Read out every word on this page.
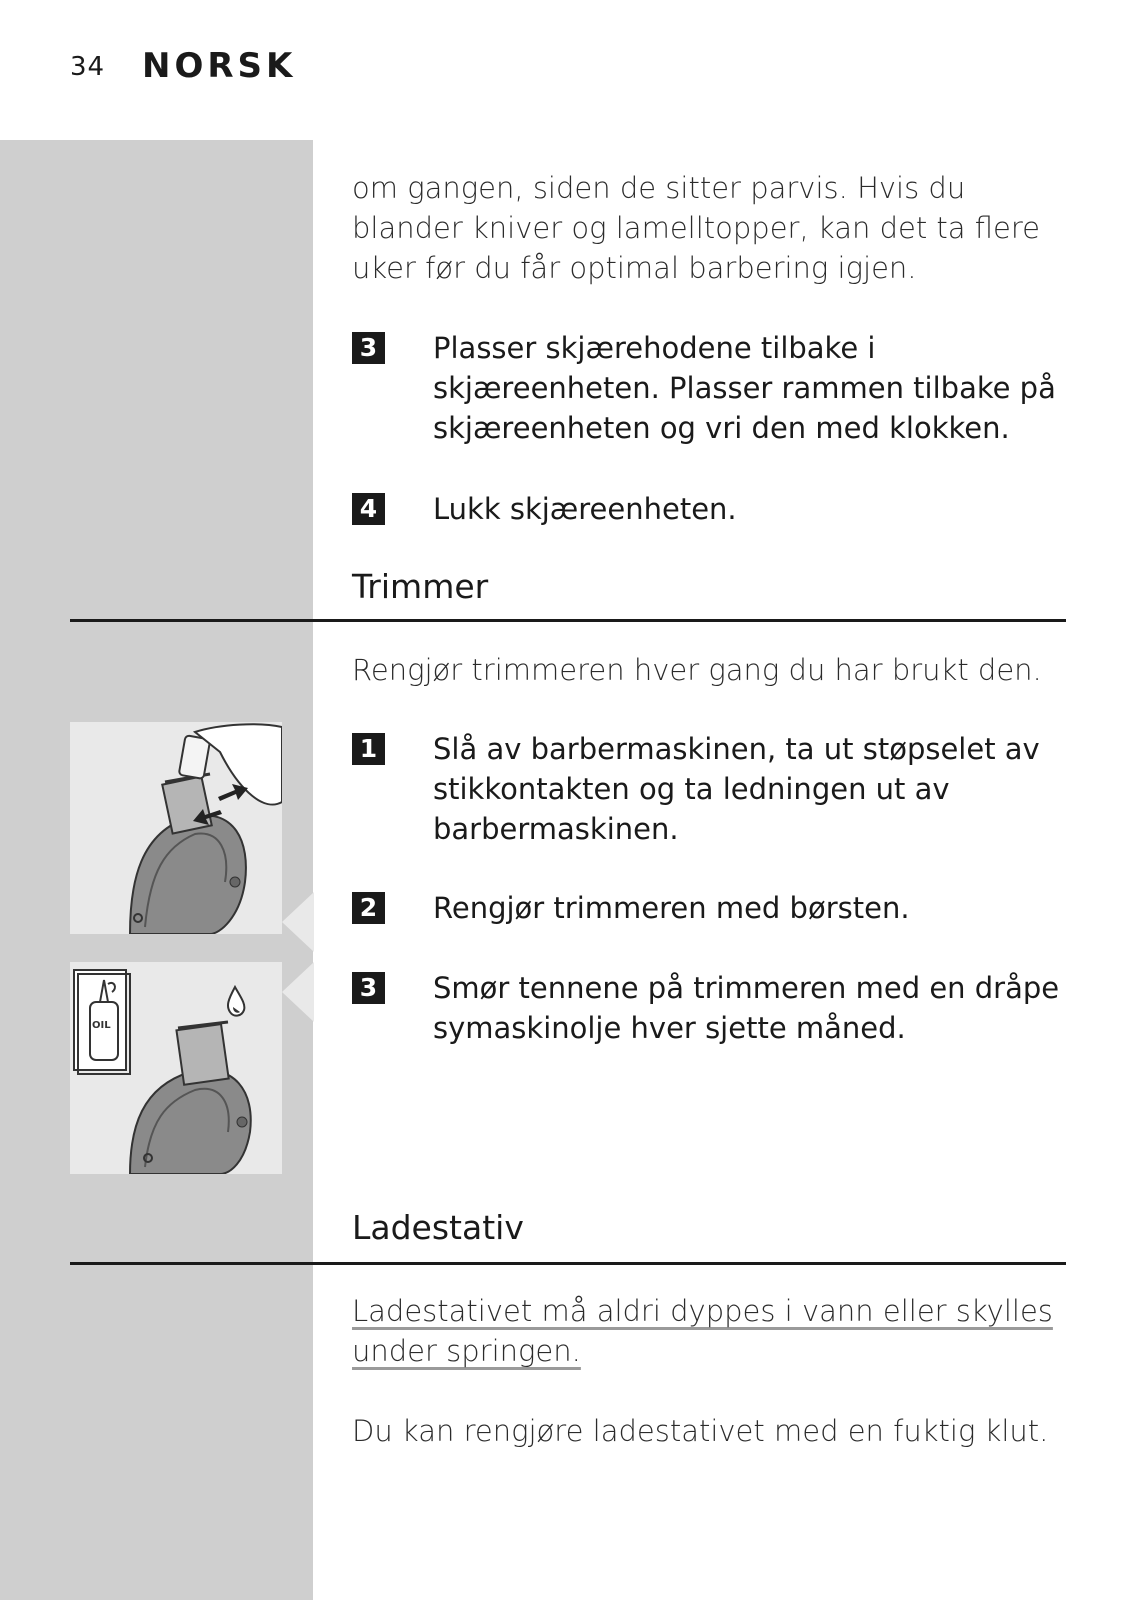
34 NORSK
om gangen, siden de sitter parvis. Hvis du blander kniver og lamelltopper, kan det ta flere uker før du får optimal barbering igjen.
3 Plasser skjærehodene tilbake i skjæreenheten. Plasser rammen tilbake på skjæreenheten og vri den med klokken.
4 Lukk skjæreenheten.
Trimmer
Rengjør trimmeren hver gang du har brukt den.
1 Slå av barbermaskinen, ta ut støpselet av stikkontakten og ta ledningen ut av barbermaskinen.
2 Rengjør trimmeren med børsten.
3 Smør tennene på trimmeren med en dråpe symaskinolje hver sjette måned.
OIL
Ladestativ
Ladestativet må aldri dyppes i vann eller skylles under springen.
Du kan rengjøre ladestativet med en fuktig klut.
